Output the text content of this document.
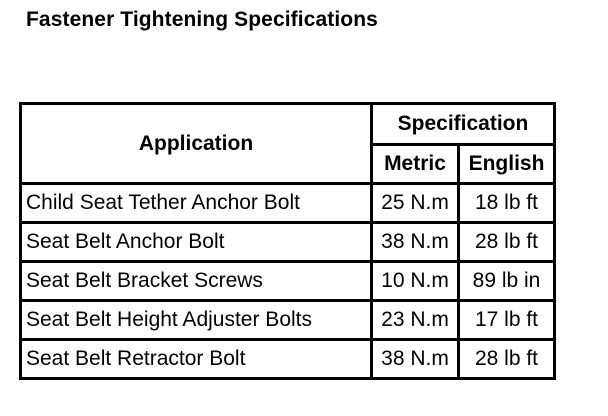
Fastener Tightening Specifications
Application	Specification	
	Metric	English
Child Seat Tether Anchor Bolt	25 N.m	18 lb ft
Seat Belt Anchor Bolt	38 N.m	28 lb ft
Seat Belt Bracket Screws	10 N.m	89 lb in
Seat Belt Height Adjuster Bolts	23 N.m	17 lb ft
Seat Belt Retractor Bolt	38 N.m	28 lb ft
